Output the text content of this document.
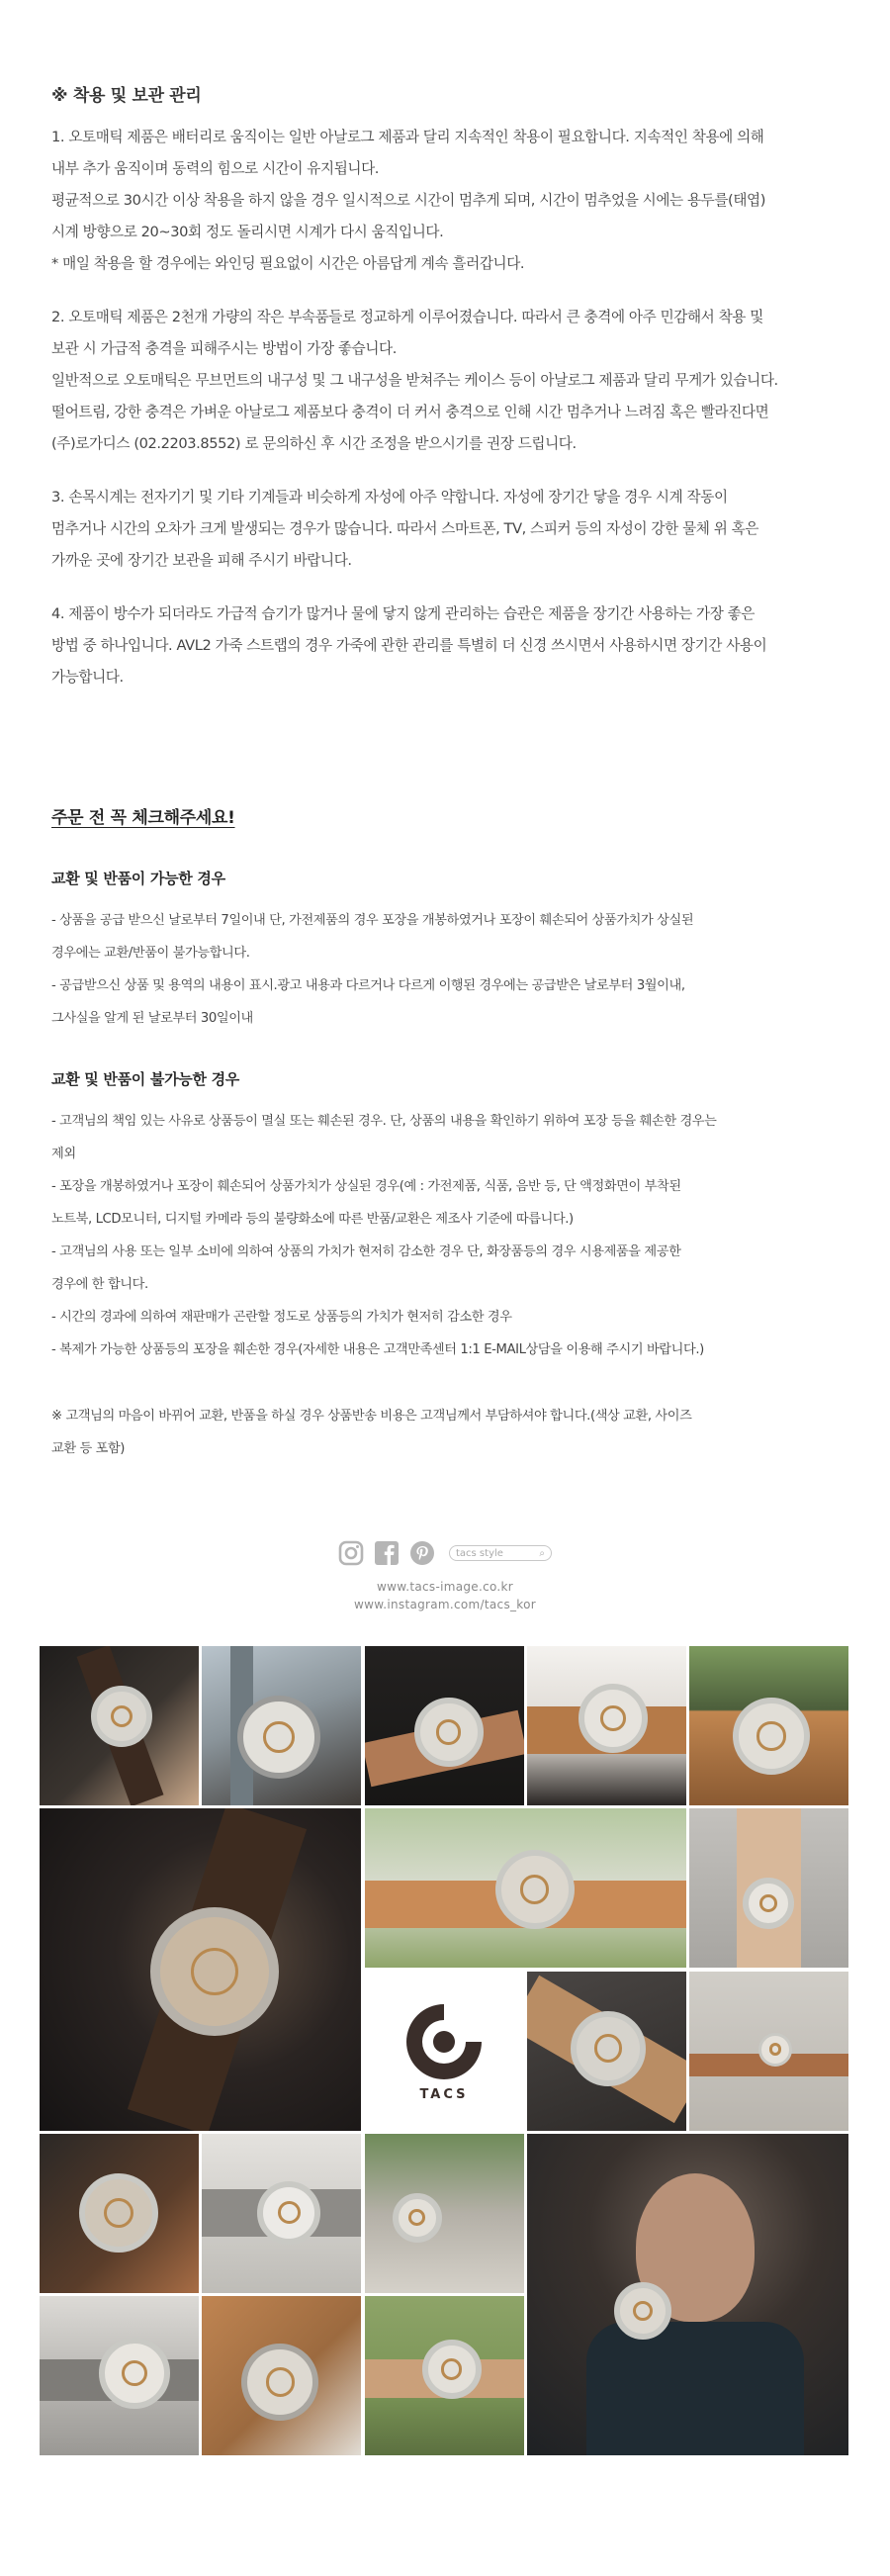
※ 착용 및 보관 관리
1. 오토매틱 제품은 배터리로 움직이는 일반 아날로그 제품과 달리 지속적인 착용이 필요합니다. 지속적인 착용에 의해
내부 추가 움직이며 동력의 힘으로 시간이 유지됩니다.
평균적으로 30시간 이상 착용을 하지 않을 경우 일시적으로 시간이 멈추게 되며, 시간이 멈추었을 시에는 용두를(태엽)
시계 방향으로 20~30회 정도 돌리시면 시계가 다시 움직입니다.
* 매일 착용을 할 경우에는 와인딩 필요없이 시간은 아름답게 계속 흘러갑니다.
2. 오토매틱 제품은 2천개 가량의 작은 부속품들로 정교하게 이루어졌습니다. 따라서 큰 충격에 아주 민감해서 착용 및
보관 시 가급적 충격을 피해주시는 방법이 가장 좋습니다.
일반적으로 오토매틱은 무브먼트의 내구성 및 그 내구성을 받쳐주는 케이스 등이 아날로그 제품과 달리 무게가 있습니다.
떨어트림, 강한 충격은 가벼운 아날로그 제품보다 충격이 더 커서 충격으로 인해 시간 멈추거나 느려짐 혹은 빨라진다면
(주)로가디스 (02.2203.8552) 로 문의하신 후 시간 조정을 받으시기를 권장 드립니다.
3. 손목시계는 전자기기 및 기타 기계들과 비슷하게 자성에 아주 약합니다. 자성에 장기간 닿을 경우 시계 작동이
멈추거나 시간의 오차가 크게 발생되는 경우가 많습니다. 따라서 스마트폰, TV, 스피커 등의 자성이 강한 물체 위 혹은
가까운 곳에 장기간 보관을 피해 주시기 바랍니다.
4. 제품이 방수가 되더라도 가급적 습기가 많거나 물에 닿지 않게 관리하는 습관은 제품을 장기간 사용하는 가장 좋은
방법 중 하나입니다. AVL2 가죽 스트랩의 경우 가죽에 관한 관리를 특별히 더 신경 쓰시면서 사용하시면 장기간 사용이
가능합니다.
주문 전 꼭 체크해주세요!
교환 및 반품이 가능한 경우
- 상품을 공급 받으신 날로부터 7일이내 단, 가전제품의 경우 포장을 개봉하였거나 포장이 훼손되어 상품가치가 상실된
경우에는 교환/반품이 불가능합니다.
- 공급받으신 상품 및 용역의 내용이 표시.광고 내용과 다르거나 다르게 이행된 경우에는 공급받은 날로부터 3월이내,
그사실을 알게 된 날로부터 30일이내
교환 및 반품이 불가능한 경우
- 고객님의 책임 있는 사유로 상품등이 멸실 또는 훼손된 경우. 단, 상품의 내용을 확인하기 위하여 포장 등을 훼손한 경우는
제외
- 포장을 개봉하였거나 포장이 훼손되어 상품가치가 상실된 경우(예 : 가전제품, 식품, 음반 등, 단 액정화면이 부착된
노트북, LCD모니터, 디지털 카메라 등의 불량화소에 따른 반품/교환은 제조사 기준에 따릅니다.)
- 고객님의 사용 또는 일부 소비에 의하여 상품의 가치가 현저히 감소한 경우 단, 화장품등의 경우 시용제품을 제공한
경우에 한 합니다.
- 시간의 경과에 의하여 재판매가 곤란할 정도로 상품등의 가치가 현저히 감소한 경우
- 복제가 가능한 상품등의 포장을 훼손한 경우(자세한 내용은 고객만족센터 1:1 E-MAIL상담을 이용해 주시기 바랍니다.)
※ 고객님의 마음이 바뀌어 교환, 반품을 하실 경우 상품반송 비용은 고객님께서 부담하셔야 합니다.(색상 교환, 사이즈
교환 등 포함)
tacs style	⌕
www.tacs-image.co.kr
www.instagram.com/tacs_kor
TACS
